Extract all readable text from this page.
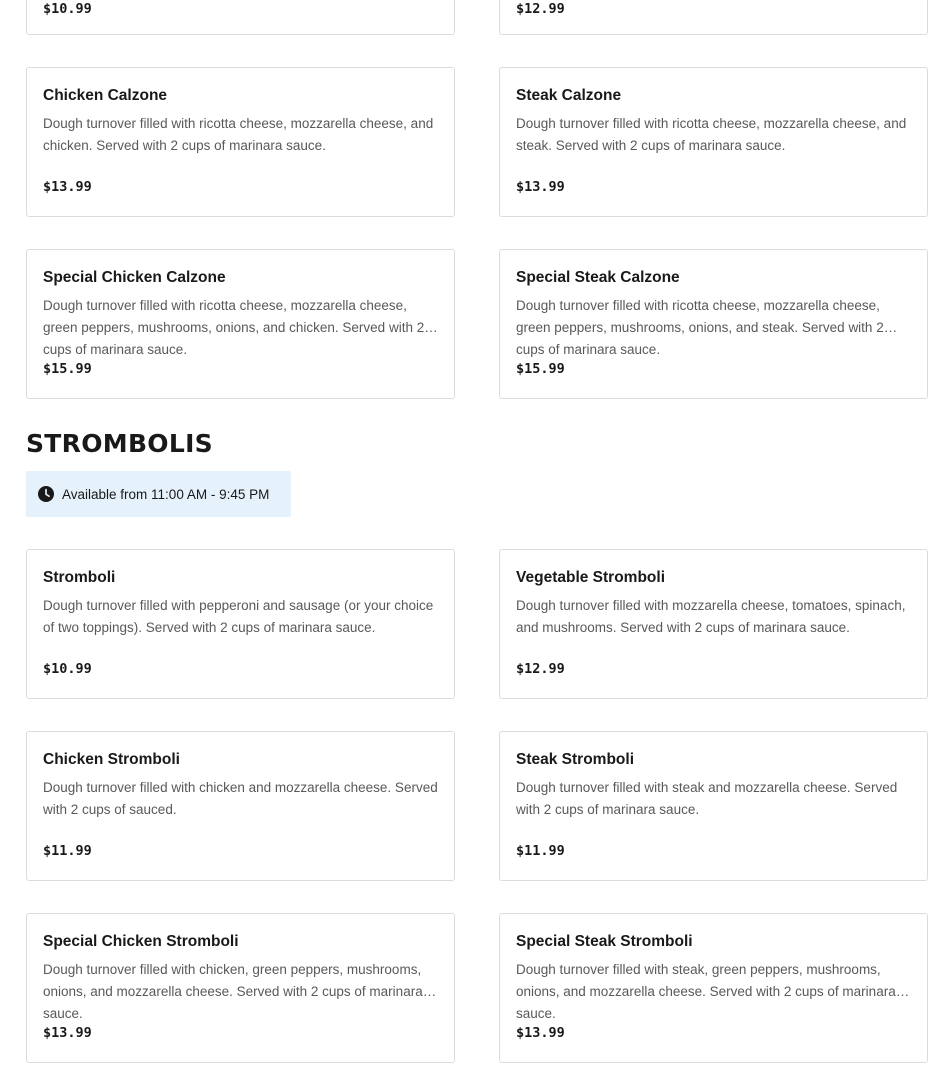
$10.99	$12.99
Chicken Calzone
Dough turnover filled with ricotta cheese, mozzarella cheese, and chicken. Served with 2 cups of marinara sauce.
$13.99
Steak Calzone
Dough turnover filled with ricotta cheese, mozzarella cheese, and steak. Served with 2 cups of marinara sauce.
$13.99
Special Chicken Calzone
Dough turnover filled with ricotta cheese, mozzarella cheese, green peppers, mushrooms, onions, and chicken. Served with 2 cups of marinara sauce.
$15.99
Special Steak Calzone
Dough turnover filled with ricotta cheese, mozzarella cheese, green peppers, mushrooms, onions, and steak. Served with 2 cups of marinara sauce.
$15.99
STROMBOLIS
Available from 11:00 AM - 9:45 PM
Stromboli
Dough turnover filled with pepperoni and sausage (or your choice of two toppings). Served with 2 cups of marinara sauce.
$10.99
Vegetable Stromboli
Dough turnover filled with mozzarella cheese, tomatoes, spinach, and mushrooms. Served with 2 cups of marinara sauce.
$12.99
Chicken Stromboli
Dough turnover filled with chicken and mozzarella cheese. Served with 2 cups of sauced.
$11.99
Steak Stromboli
Dough turnover filled with steak and mozzarella cheese. Served with 2 cups of marinara sauce.
$11.99
Special Chicken Stromboli
Dough turnover filled with chicken, green peppers, mushrooms, onions, and mozzarella cheese. Served with 2 cups of marinara sauce.
$13.99
Special Steak Stromboli
Dough turnover filled with steak, green peppers, mushrooms, onions, and mozzarella cheese. Served with 2 cups of marinara sauce.
$13.99
